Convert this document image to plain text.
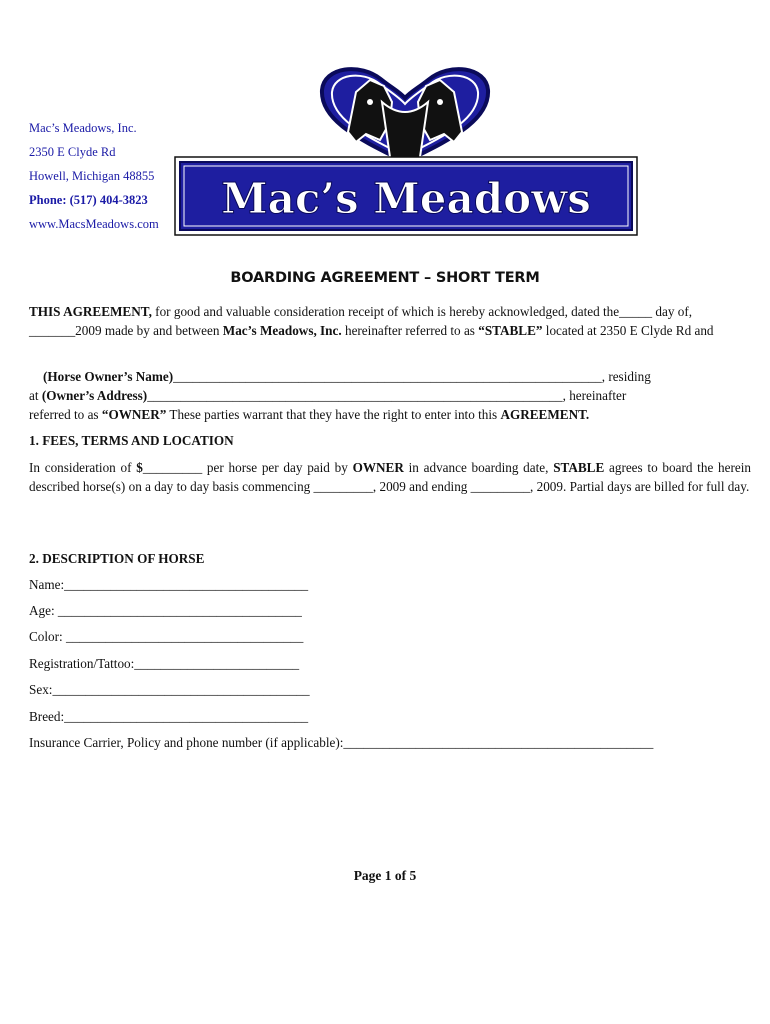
Mac’s Meadows, Inc.
2350 E Clyde Rd
Howell, Michigan 48855
Phone: (517) 404-3823
www.MacsMeadows.com
Mac’s Meadows
BOARDING AGREEMENT – SHORT TERM
THIS AGREEMENT, for good and valuable consideration receipt of which is hereby acknowledged, dated the_____ day of, _______2009 made by and between Mac’s Meadows, Inc. hereinafter referred to as “STABLE” located at 2350 E Clyde Rd and
(Horse Owner’s Name)_________________________________________________________________, residing
at (Owner’s Address)_______________________________________________________________, hereinafter
referred to as “OWNER” These parties warrant that they have the right to enter into this AGREEMENT.
1. FEES, TERMS AND LOCATION
In consideration of $_________ per horse per day paid by OWNER in advance boarding date, STABLE agrees to board the herein described horse(s) on a day to day basis commencing _________, 2009 and ending _________, 2009. Partial days are billed for full day.
2. DESCRIPTION OF HORSE
Name:_____________________________________
Age: _____________________________________
Color: ____________________________________
Registration/Tattoo:_________________________
Sex:_______________________________________
Breed:_____________________________________
Insurance Carrier, Policy and phone number (if applicable):_______________________________________________
Page 1 of 5
